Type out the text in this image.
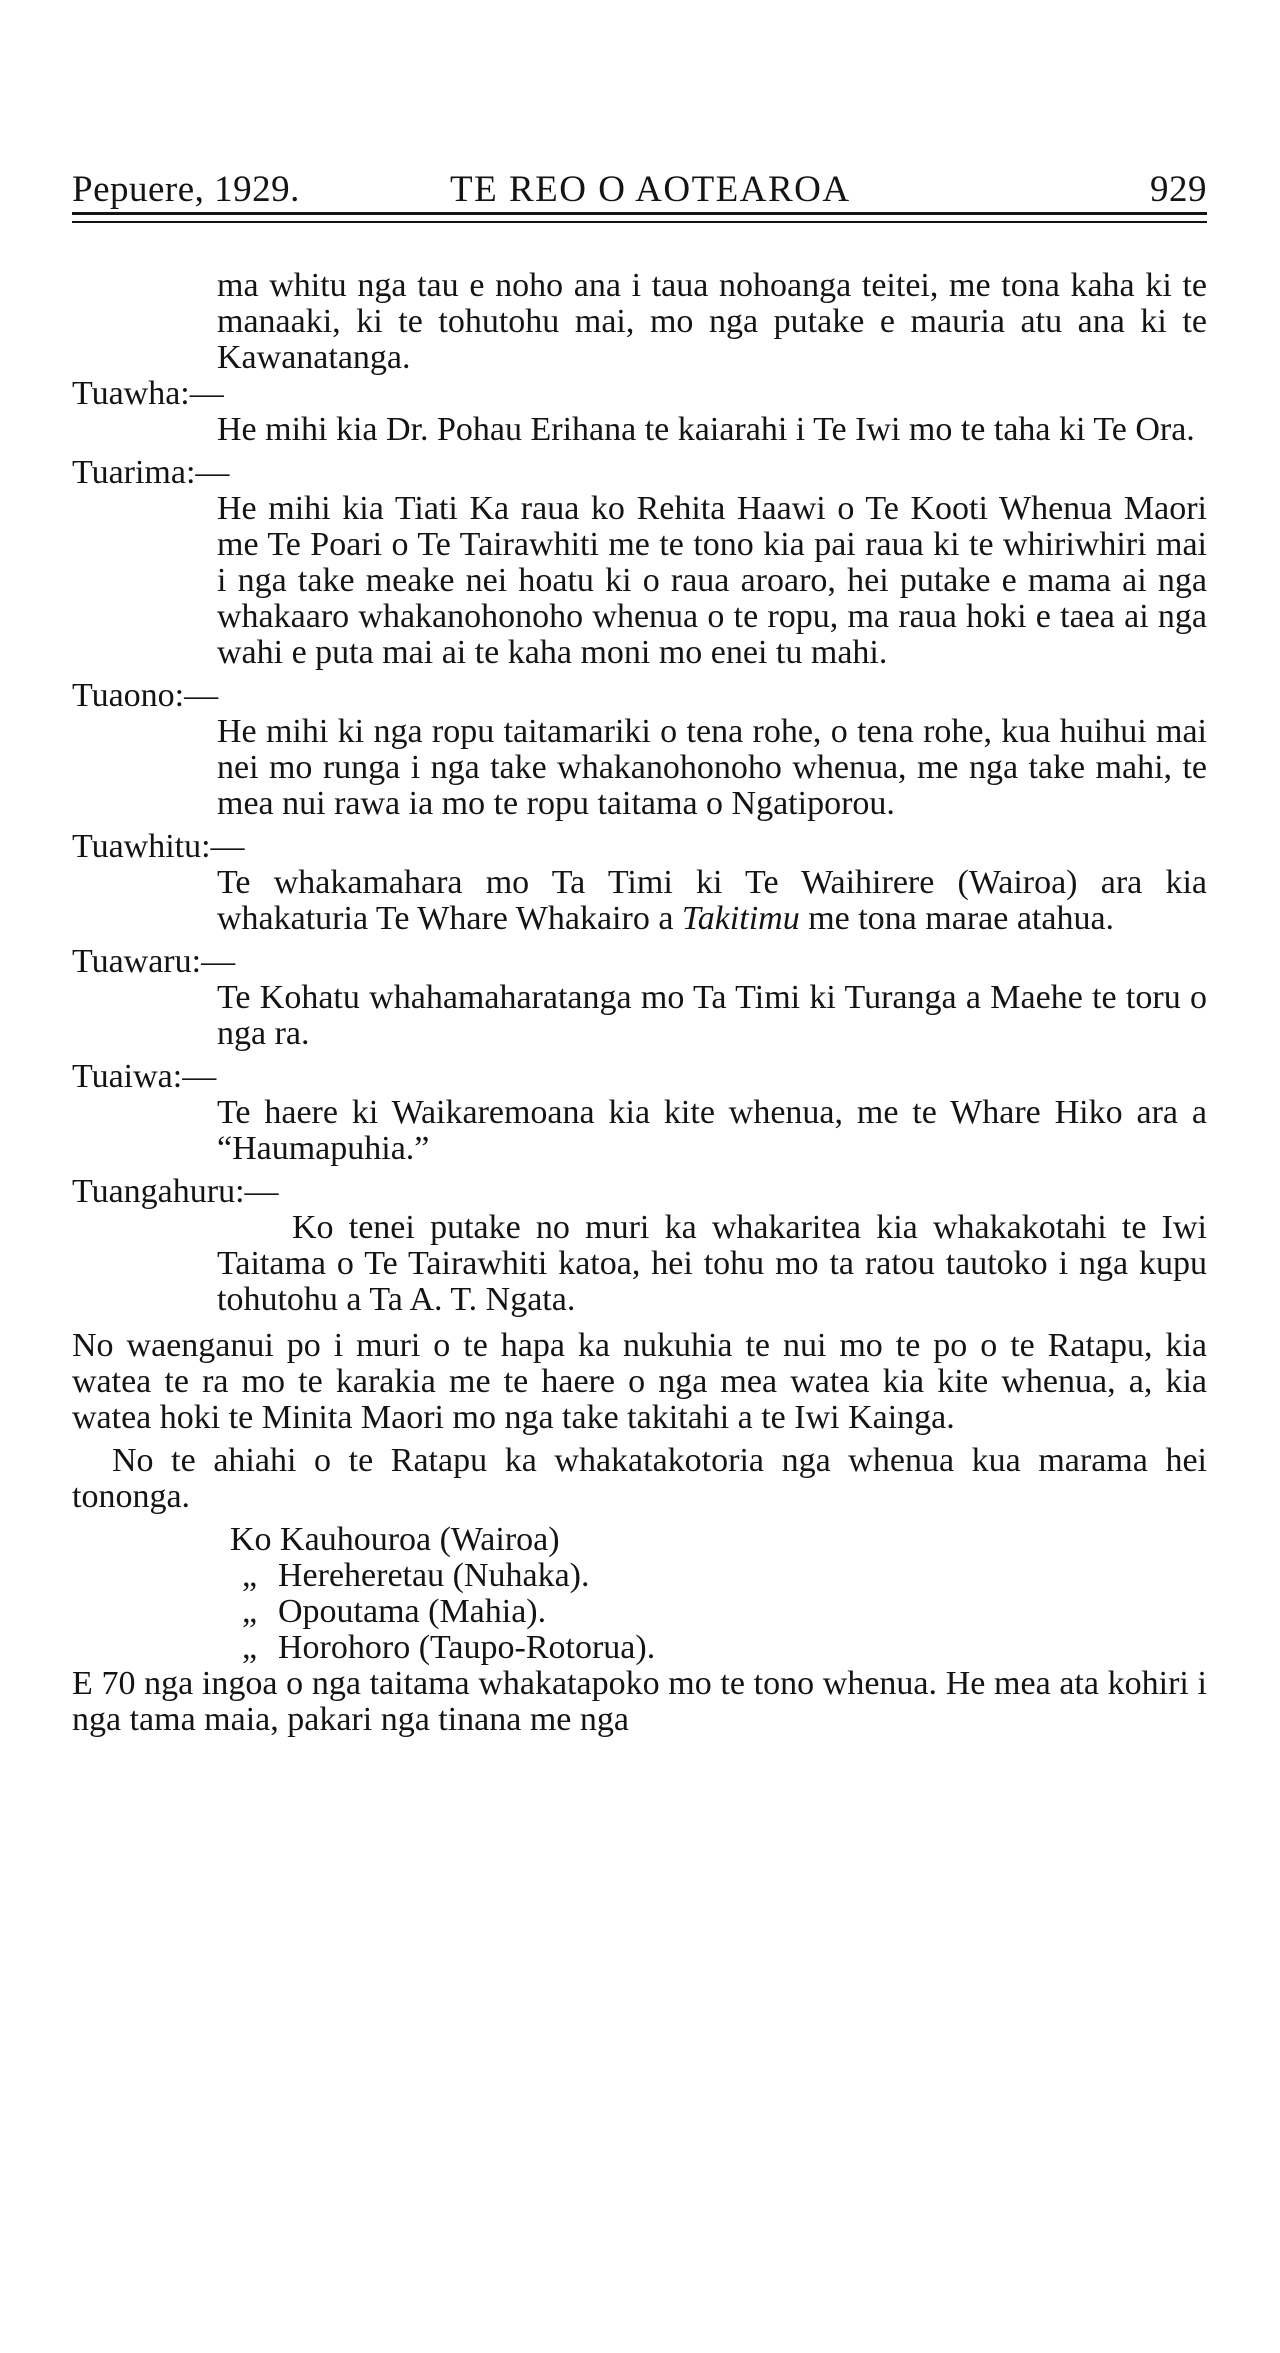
Pepuere, 1929.	TE REO O AOTEAROA	929

ma whitu nga tau e noho ana i taua nohoanga teitei, me tona kaha ki te manaaki, ki te tohutohu mai, mo nga putake e mauria atu ana ki te Kawanatanga.

Tuawha:—

He mihi kia Dr. Pohau Erihana te kaiarahi i Te Iwi mo te taha ki Te Ora.

Tuarima:—

He mihi kia Tiati Ka raua ko Rehita Haawi o Te Kooti Whenua Maori me Te Poari o Te Tairawhiti me te tono kia pai raua ki te whiriwhiri mai i nga take meake nei hoatu ki o raua aroaro, hei putake e mama ai nga whakaaro whakanohonoho whenua o te ropu, ma raua hoki e taea ai nga wahi e puta mai ai te kaha moni mo enei tu mahi.

Tuaono:—

He mihi ki nga ropu taitamariki o tena rohe, o tena rohe, kua huihui mai nei mo runga i nga take whakanohonoho whenua, me nga take mahi, te mea nui rawa ia mo te ropu taitama o Ngatiporou.

Tuawhitu:—

Te whakamahara mo Ta Timi ki Te Waihirere (Wairoa) ara kia whakaturia Te Whare Whakairo a Takitimu me tona marae atahua.

Tuawaru:—

Te Kohatu whahamaharatanga mo Ta Timi ki Turanga a Maehe te toru o nga ra.

Tuaiwa:—

Te haere ki Waikaremoana kia kite whenua, me te Whare Hiko ara a “Haumapuhia.”

Tuangahuru:—

Ko tenei putake no muri ka whakaritea kia whakakotahi te Iwi Taitama o Te Tairawhiti katoa, hei tohu mo ta ratou tautoko i nga kupu tohutohu a Ta A. T. Ngata.

No waenganui po i muri o te hapa ka nukuhia te nui mo te po o te Ratapu, kia watea te ra mo te karakia me te haere o nga mea watea kia kite whenua, a, kia watea hoki te Minita Maori mo nga take takitahi a te Iwi Kainga.

No te ahiahi o te Ratapu ka whakatakotoria nga whenua kua marama hei tononga.

Ko Kauhouroa (Wairoa)
„ Hereheretau (Nuhaka).
„ Opoutama (Mahia).
„ Horohoro (Taupo-Rotorua).

E 70 nga ingoa o nga taitama whakatapoko mo te tono whenua. He mea ata kohiri i nga tama maia, pakari nga tinana me nga
